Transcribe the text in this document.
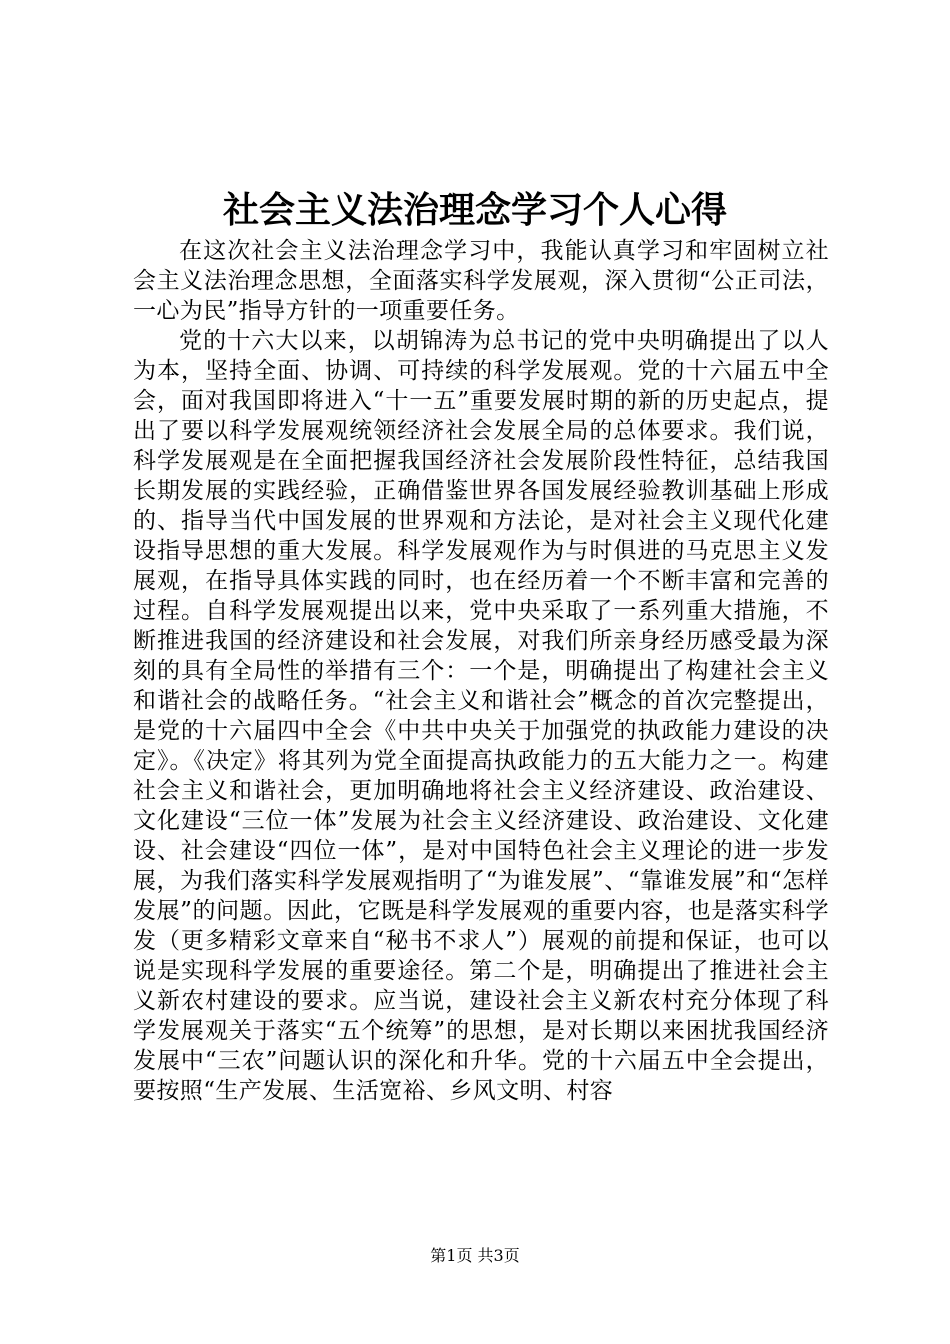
社会主义法治理念学习个人心得

在这次社会主义法治理念学习中，我能认真学习和牢固树立社会主义法治理念思想，全面落实科学发展观，深入贯彻“公正司法，一心为民”指导方针的一项重要任务。

党的十六大以来，以胡锦涛为总书记的党中央明确提出了以人为本，坚持全面、协调、可持续的科学发展观。党的十六届五中全会，面对我国即将进入“十一五”重要发展时期的新的历史起点，提出了要以科学发展观统领经济社会发展全局的总体要求。我们说，科学发展观是在全面把握我国经济社会发展阶段性特征，总结我国长期发展的实践经验，正确借鉴世界各国发展经验教训基础上形成的、指导当代中国发展的世界观和方法论，是对社会主义现代化建设指导思想的重大发展。科学发展观作为与时俱进的马克思主义发展观，在指导具体实践的同时，也在经历着一个不断丰富和完善的过程。自科学发展观提出以来，党中央采取了一系列重大措施，不断推进我国的经济建设和社会发展，对我们所亲身经历感受最为深刻的具有全局性的举措有三个：一个是，明确提出了构建社会主义和谐社会的战略任务。“社会主义和谐社会”概念的首次完整提出，是党的十六届四中全会《中共中央关于加强党的执政能力建设的决定》。《决定》将其列为党全面提高执政能力的五大能力之一。构建社会主义和谐社会，更加明确地将社会主义经济建设、政治建设、文化建设“三位一体”发展为社会主义经济建设、政治建设、文化建设、社会建设“四位一体”，是对中国特色社会主义理论的进一步发展，为我们落实科学发展观指明了“为谁发展”、“靠谁发展”和“怎样发展”的问题。因此，它既是科学发展观的重要内容，也是落实科学发（更多精彩文章来自“秘书不求人”）展观的前提和保证，也可以说是实现科学发展的重要途径。第二个是，明确提出了推进社会主义新农村建设的要求。应当说，建设社会主义新农村充分体现了科学发展观关于落实“五个统筹”的思想，是对长期以来困扰我国经济发展中“三农”问题认识的深化和升华。党的十六届五中全会提出，要按照“生产发展、生活宽裕、乡风文明、村容

第1页 共3页
